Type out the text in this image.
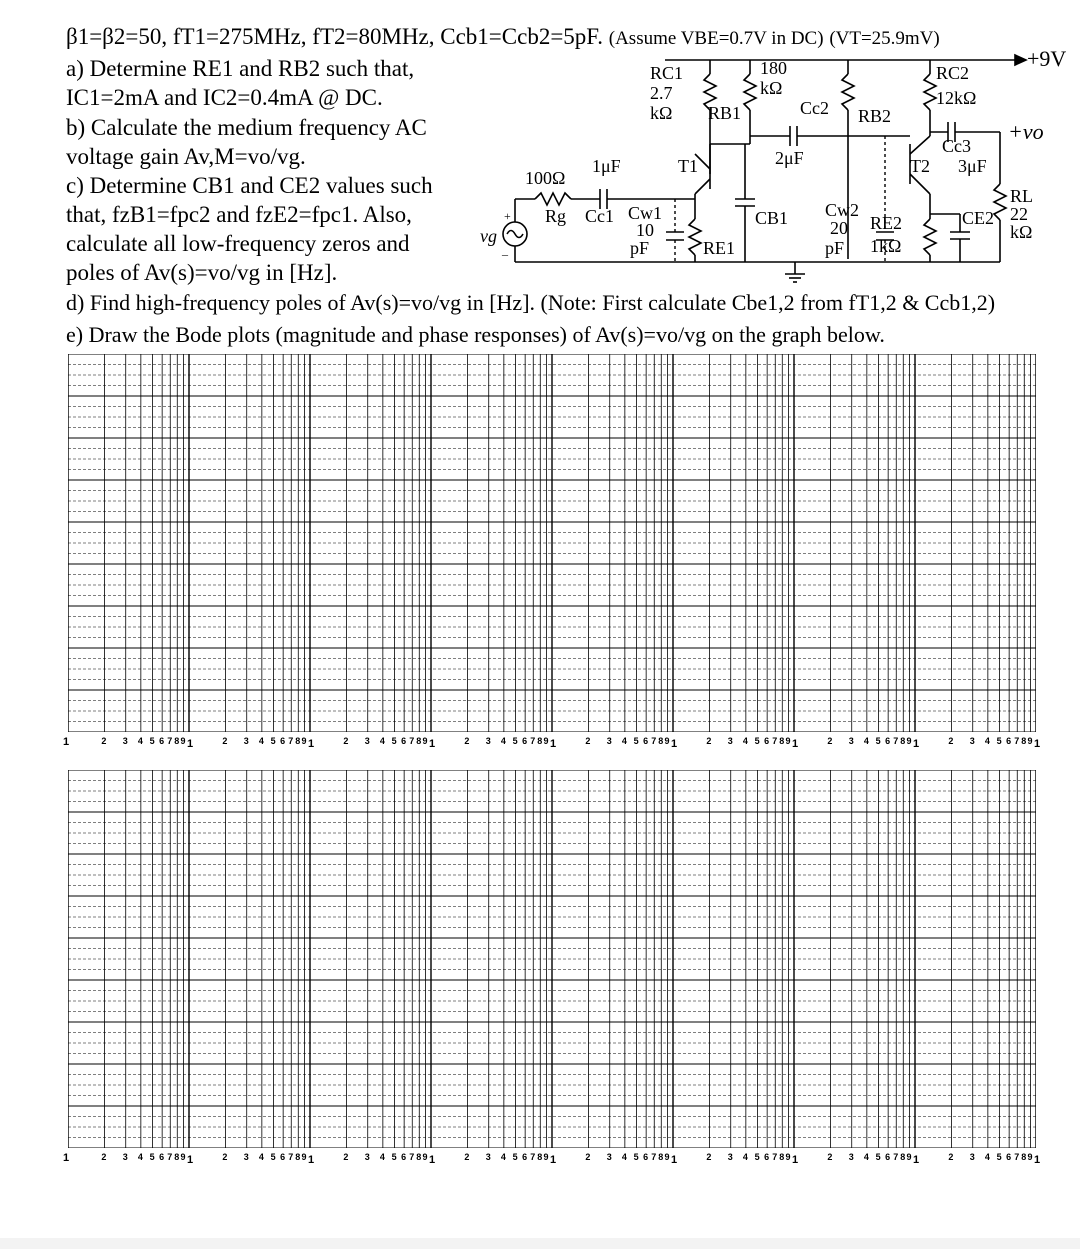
β1=β2=50, fT1=275MHz, fT2=80MHz, Ccb1=Ccb2=5pF. (Assume VBE=0.7V in DC) (VT=25.9mV)
a) Determine RE1 and RB2 such that,
IC1=2mA and IC2=0.4mA @ DC.
b) Calculate the medium frequency AC
voltage gain Av,M=vo/vg.
c) Determine CB1 and CE2 values such
that, fzB1=fpc2 and fzE2=fpc1. Also,
calculate all low-frequency zeros and
poles of Av(s)=vo/vg in [Hz].
d) Find high-frequency poles of Av(s)=vo/vg in [Hz]. (Note: First calculate Cbe1,2 from fT1,2 & Ccb1,2)
e) Draw the Bode plots (magnitude and phase responses) of Av(s)=vo/vg on the graph below.
+9V
RC1
2.7
kΩ
180
kΩ
RB1	Cc2
2μF
RB2
RC2
12kΩ
Cc3
3μF
+vo
100Ω
Rg
1μF
Cc1
T1	T2
Cw1
10
pF	RE1
CB1 Cw2
20
pF
RE2
1kΩ
CE2
RL
22
kΩ
vg
+
_
1	2 3 4 5 6 7 8 9 1	2 3 4 5 6 7 8 9 1	2 3 4 5 6 7 8 9 1	2 3 4 5 6 7 8 9 1	2 3 4 5 6 7 8 9 1	2 3 4 5 6 7 8 9 1	2 3 4 5 6 7 8 9 1	2 3 4 5 6 7 8 9 1
1	2 3 4 5 6 7 8 9 1	2 3 4 5 6 7 8 9 1	2 3 4 5 6 7 8 9 1	2 3 4 5 6 7 8 9 1	2 3 4 5 6 7 8 9 1	2 3 4 5 6 7 8 9 1	2 3 4 5 6 7 8 9 1	2 3 4 5 6 7 8 9 1
